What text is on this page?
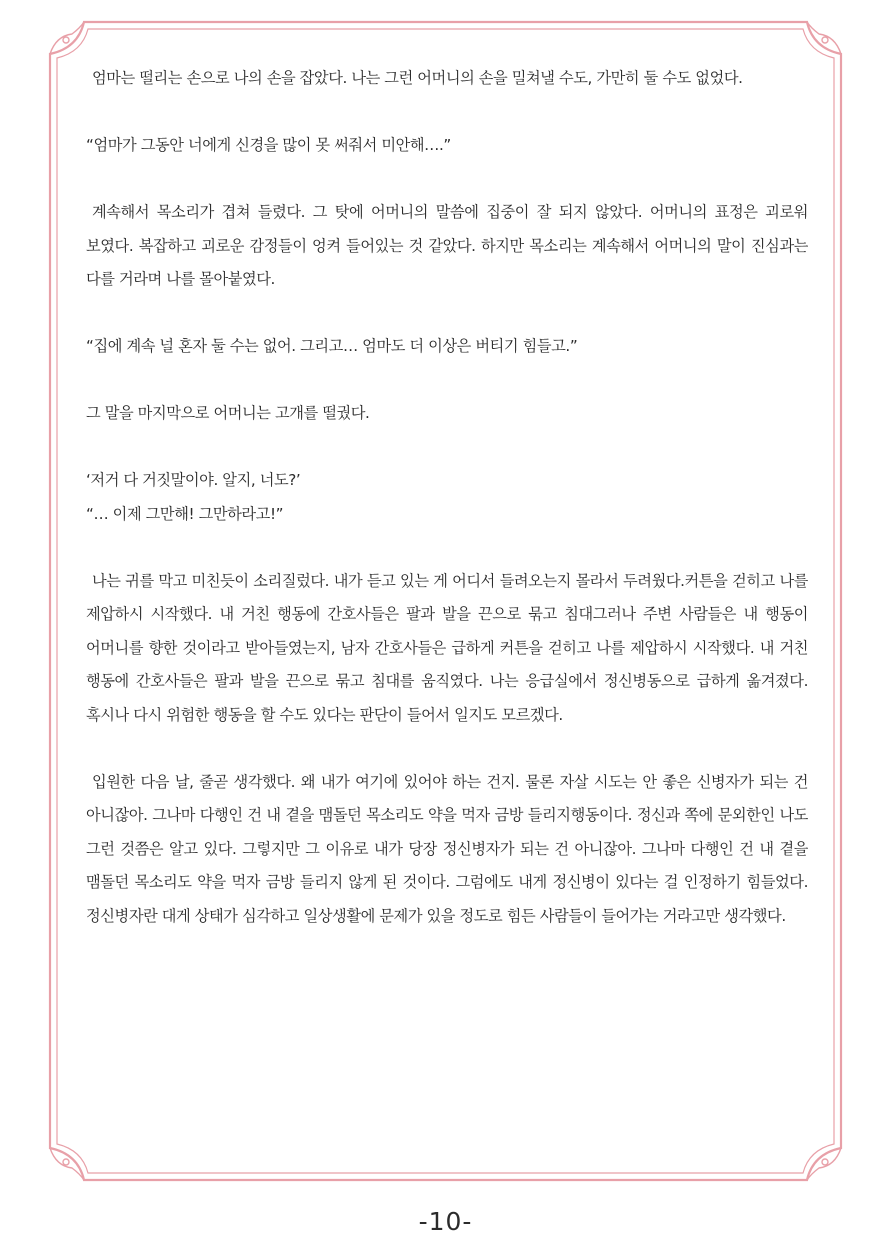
엄마는 떨리는 손으로 나의 손을 잡았다. 나는 그런 어머니의 손을 밀쳐낼 수도, 가만히 둘 수도 없었다.

“엄마가 그동안 너에게 신경을 많이 못 써줘서 미안해….”

계속해서 목소리가 겹쳐 들렸다. 그 탓에 어머니의 말씀에 집중이 잘 되지 않았다. 어머니의 표정은 괴로워 보였다. 복잡하고 괴로운 감정들이 엉켜 들어있는 것 같았다. 하지만 목소리는 계속해서 어머니의 말이 진심과는 다를 거라며 나를 몰아붙였다.

“집에 계속 널 혼자 둘 수는 없어. 그리고… 엄마도 더 이상은 버티기 힘들고.”

그 말을 마지막으로 어머니는 고개를 떨궜다.

‘저거 다 거짓말이야. 알지, 너도?’

“… 이제 그만해! 그만하라고!”

나는 귀를 막고 미친듯이 소리질렀다. 내가 듣고 있는 게 어디서 들려오는지 몰라서 두려웠다.커튼을 걷히고 나를 제압하시 시작했다. 내 거친 행동에 간호사들은 팔과 발을 끈으로 묶고 침대그러나 주변 사람들은 내 행동이 어머니를 향한 것이라고 받아들였는지, 남자 간호사들은 급하게 커튼을 걷히고 나를 제압하시 시작했다. 내 거친 행동에 간호사들은 팔과 발을 끈으로 묶고 침대를 움직였다. 나는 응급실에서 정신병동으로 급하게 옮겨졌다. 혹시나 다시 위험한 행동을 할 수도 있다는 판단이 들어서 일지도 모르겠다.

입원한 다음 날, 줄곧 생각했다. 왜 내가 여기에 있어야 하는 건지. 물론 자살 시도는 안 좋은 신병자가 되는 건 아니잖아. 그나마 다행인 건 내 곁을 맴돌던 목소리도 약을 먹자 금방 들리지행동이다. 정신과 쪽에 문외한인 나도 그런 것쯤은 알고 있다. 그렇지만 그 이유로 내가 당장 정신병자가 되는 건 아니잖아. 그나마 다행인 건 내 곁을 맴돌던 목소리도 약을 먹자 금방 들리지 않게 된 것이다. 그럼에도 내게 정신병이 있다는 걸 인정하기 힘들었다. 정신병자란 대게 상태가 심각하고 일상생활에 문제가 있을 정도로 힘든 사람들이 들어가는 거라고만 생각했다.

-10-
